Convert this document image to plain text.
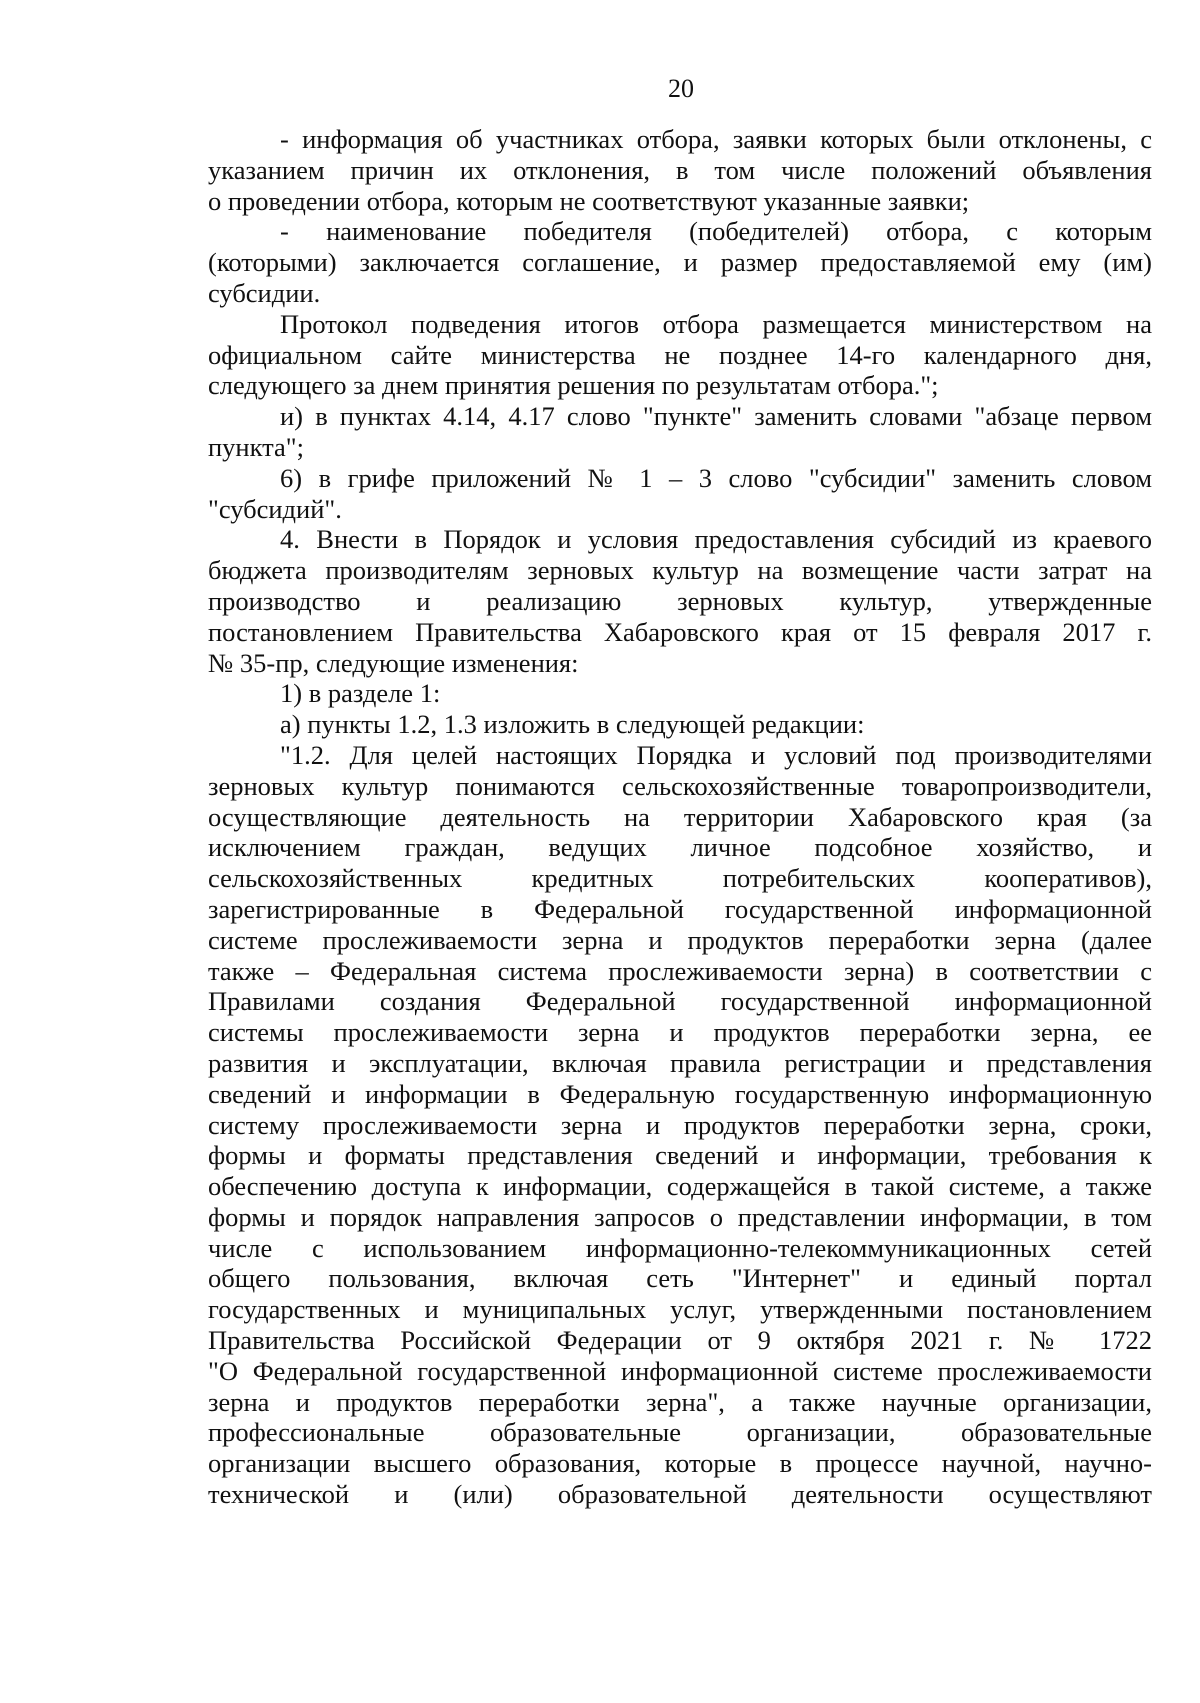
20
- информация об участниках отбора, заявки которых были отклонены, с
указанием причин их отклонения, в том числе положений объявления
о проведении отбора, которым не соответствуют указанные заявки;
- наименование победителя (победителей) отбора, с которым
(которыми) заключается соглашение, и размер предоставляемой ему (им)
субсидии.
Протокол подведения итогов отбора размещается министерством на
официальном сайте министерства не позднее 14-го календарного дня,
следующего за днем принятия решения по результатам отбора.";
и) в пунктах 4.14, 4.17 слово "пункте" заменить словами "абзаце первом
пункта";
6) в грифе приложений № 1 – 3 слово "субсидии" заменить словом
"субсидий".
4. Внести в Порядок и условия предоставления субсидий из краевого
бюджета производителям зерновых культур на возмещение части затрат на
производство и реализацию зерновых культур, утвержденные
постановлением Правительства Хабаровского края от 15 февраля 2017 г.
№ 35-пр, следующие изменения:
1) в разделе 1:
а) пункты 1.2, 1.3 изложить в следующей редакции:
"1.2. Для целей настоящих Порядка и условий под производителями
зерновых культур понимаются сельскохозяйственные товаропроизводители,
осуществляющие деятельность на территории Хабаровского края (за
исключением граждан, ведущих личное подсобное хозяйство, и
сельскохозяйственных кредитных потребительских кооперативов),
зарегистрированные в Федеральной государственной информационной
системе прослеживаемости зерна и продуктов переработки зерна (далее
также – Федеральная система прослеживаемости зерна) в соответствии с
Правилами создания Федеральной государственной информационной
системы прослеживаемости зерна и продуктов переработки зерна, ее
развития и эксплуатации, включая правила регистрации и представления
сведений и информации в Федеральную государственную информационную
систему прослеживаемости зерна и продуктов переработки зерна, сроки,
формы и форматы представления сведений и информации, требования к
обеспечению доступа к информации, содержащейся в такой системе, а также
формы и порядок направления запросов о представлении информации, в том
числе с использованием информационно-телекоммуникационных сетей
общего пользования, включая сеть "Интернет" и единый портал
государственных и муниципальных услуг, утвержденными постановлением
Правительства Российской Федерации от 9 октября 2021 г. № 1722
"О Федеральной государственной информационной системе прослеживаемости
зерна и продуктов переработки зерна", а также научные организации,
профессиональные образовательные организации, образовательные
организации высшего образования, которые в процессе научной, научно-
технической и (или) образовательной деятельности осуществляют
